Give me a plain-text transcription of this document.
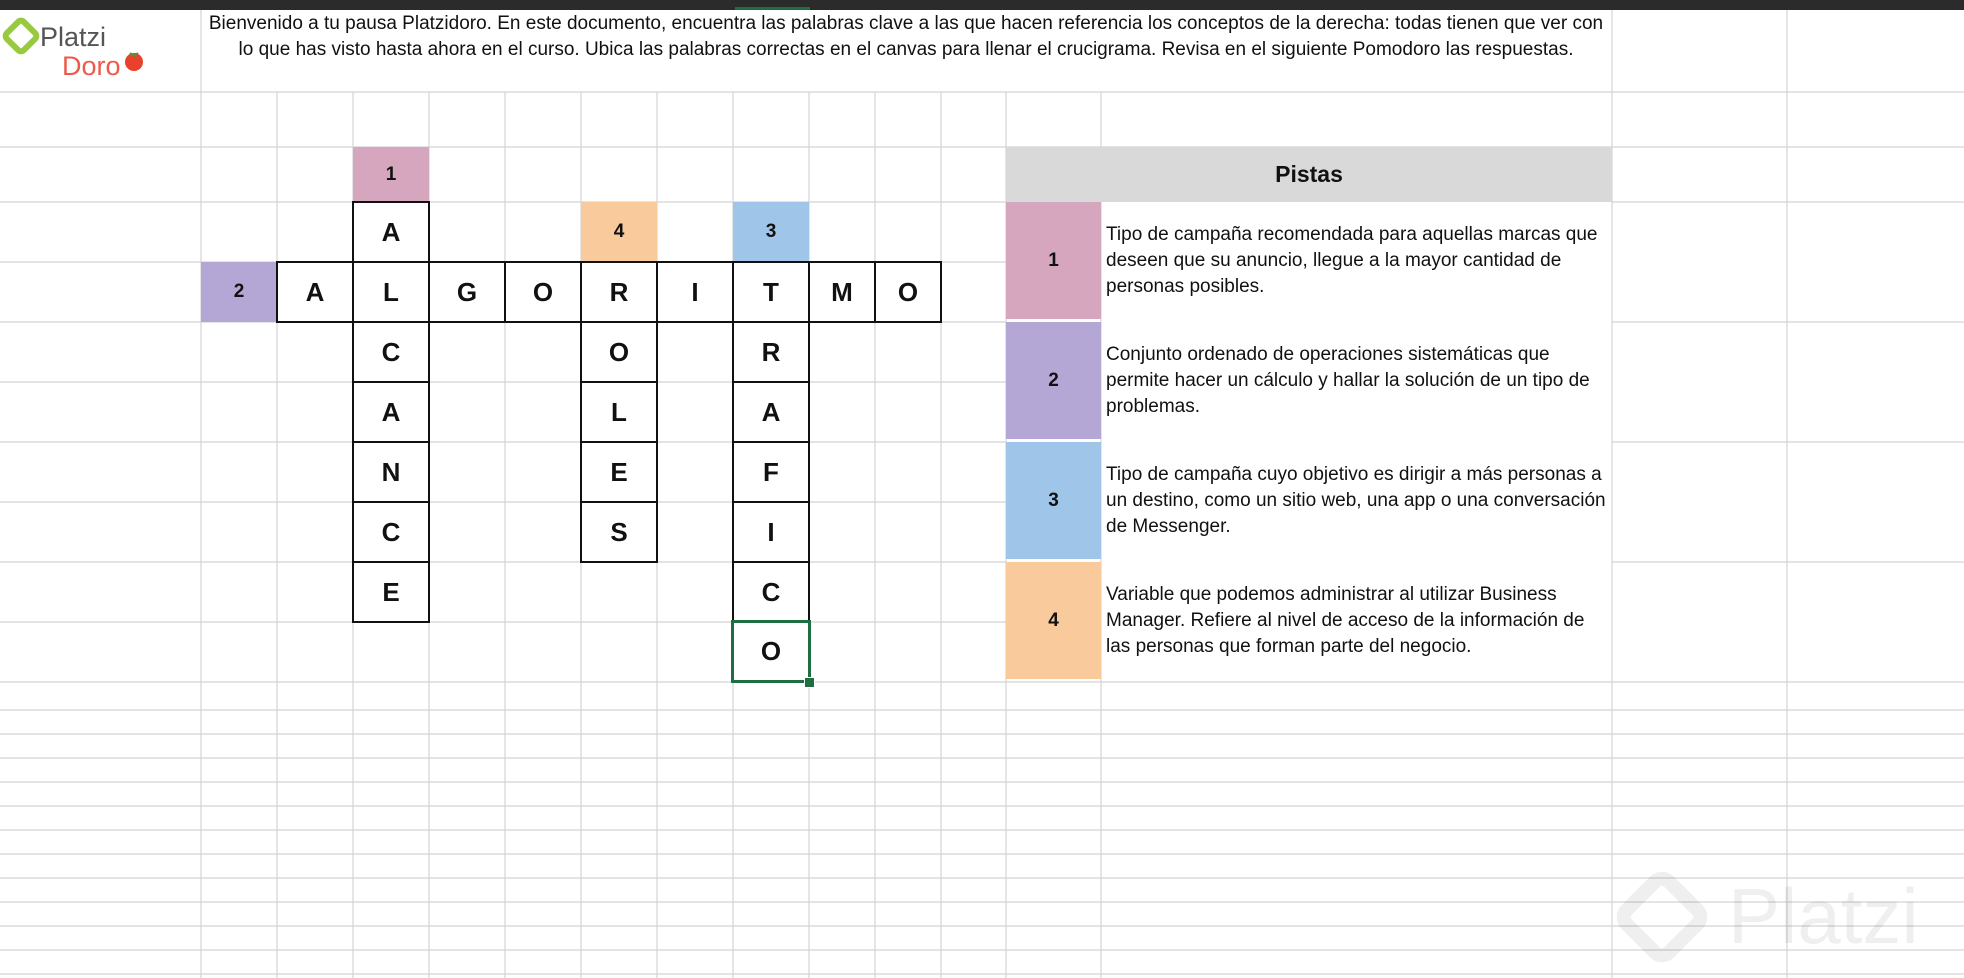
Platzi
Doro
Bienvenido a tu pausa Platzidoro. En este documento, encuentra las palabras clave a las que hacen referencia los conceptos de la derecha: todas tienen que ver con lo que has visto hasta ahora en el curso. Ubica las palabras correctas en el canvas para llenar el crucigrama. Revisa en el siguiente Pomodoro las respuestas.
1
2
3
4
A	L	G	O	R	I	T	M	O
A
C
A
N
C
E
O
L
E
S
R
A
F
I
C
O
Pistas
1
Tipo de campaña recomendada para aquellas marcas que deseen que su anuncio, llegue a la mayor cantidad de personas posibles.
2
Conjunto ordenado de operaciones sistemáticas que permite hacer un cálculo y hallar la solución de un tipo de problemas.
3
Tipo de campaña cuyo objetivo es dirigir a más personas a un destino, como un sitio web, una app o una conversación de Messenger.
4
Variable que podemos administrar al utilizar Business Manager. Refiere al nivel de acceso de la información de las personas que forman parte del negocio.
Platzi
